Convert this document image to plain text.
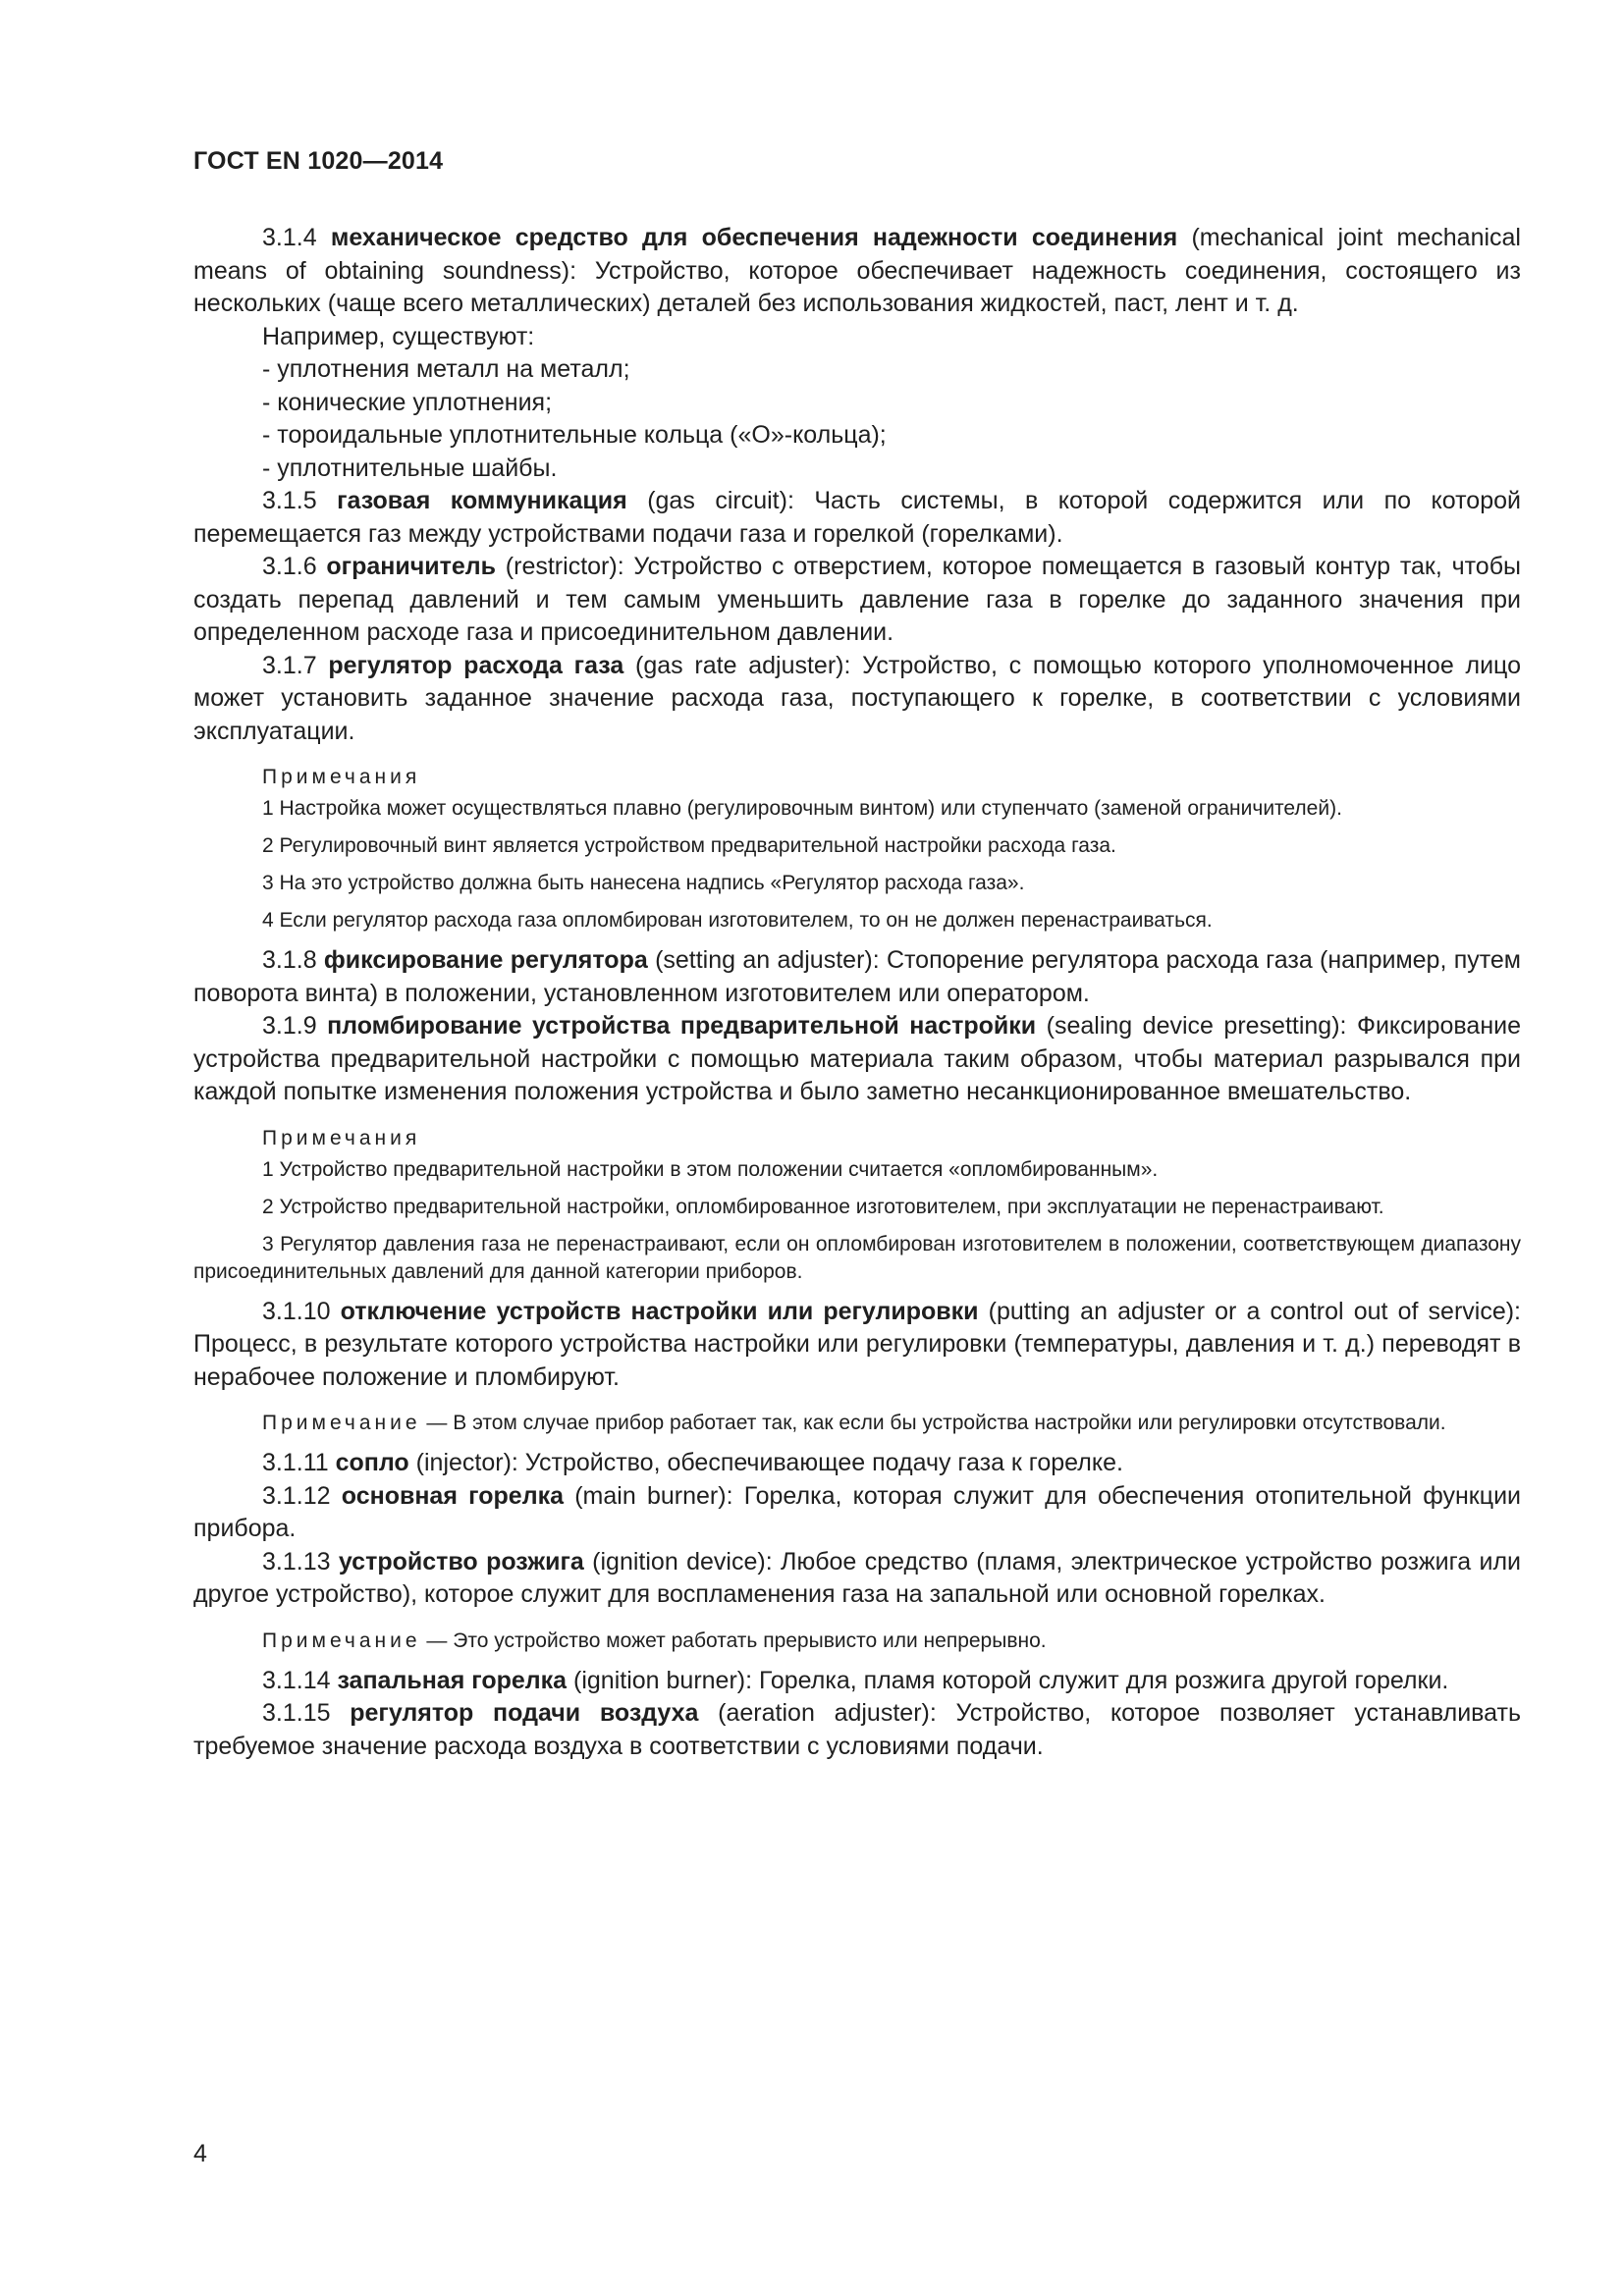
ГОСТ EN 1020—2014

3.1.4 механическое средство для обеспечения надежности соединения (mechanical joint mechanical means of obtaining soundness): Устройство, которое обеспечивает надежность соединения, состоящего из нескольких (чаще всего металлических) деталей без использования жидкостей, паст, лент и т. д.

Например, существуют:

- уплотнения металл на металл;

- конические уплотнения;

- тороидальные уплотнительные кольца («О»-кольца);

- уплотнительные шайбы.

3.1.5 газовая коммуникация (gas circuit): Часть системы, в которой содержится или по которой перемещается газ между устройствами подачи газа и горелкой (горелками).

3.1.6 ограничитель (restrictor): Устройство с отверстием, которое помещается в газовый контур так, чтобы создать перепад давлений и тем самым уменьшить давление газа в горелке до заданного значения при определенном расходе газа и присоединительном давлении.

3.1.7 регулятор расхода газа (gas rate adjuster): Устройство, с помощью которого уполномоченное лицо может установить заданное значение расхода газа, поступающего к горелке, в соответствии с условиями эксплуатации.

Примечания

1 Настройка может осуществляться плавно (регулировочным винтом) или ступенчато (заменой ограничителей).

2 Регулировочный винт является устройством предварительной настройки расхода газа.

3 На это устройство должна быть нанесена надпись «Регулятор расхода газа».

4 Если регулятор расхода газа опломбирован изготовителем, то он не должен перенастраиваться.

3.1.8 фиксирование регулятора (setting an adjuster): Стопорение регулятора расхода газа (например, путем поворота винта) в положении, установленном изготовителем или оператором.

3.1.9 пломбирование устройства предварительной настройки (sealing device presetting): Фиксирование устройства предварительной настройки с помощью материала таким образом, чтобы материал разрывался при каждой попытке изменения положения устройства и было заметно несанкционированное вмешательство.

Примечания

1 Устройство предварительной настройки в этом положении считается «опломбированным».

2 Устройство предварительной настройки, опломбированное изготовителем, при эксплуатации не перенастраивают.

3 Регулятор давления газа не перенастраивают, если он опломбирован изготовителем в положении, соответствующем диапазону присоединительных давлений для данной категории приборов.

3.1.10 отключение устройств настройки или регулировки (putting an adjuster or a control out of service): Процесс, в результате которого устройства настройки или регулировки (температуры, давления и т. д.) переводят в нерабочее положение и пломбируют.

Примечание — В этом случае прибор работает так, как если бы устройства настройки или регулировки отсутствовали.

3.1.11 сопло (injector): Устройство, обеспечивающее подачу газа к горелке.

3.1.12 основная горелка (main burner): Горелка, которая служит для обеспечения отопительной функции прибора.

3.1.13 устройство розжига (ignition device): Любое средство (пламя, электрическое устройство розжига или другое устройство), которое служит для воспламенения газа на запальной или основной горелках.

Примечание — Это устройство может работать прерывисто или непрерывно.

3.1.14 запальная горелка (ignition burner): Горелка, пламя которой служит для розжига другой горелки.

3.1.15 регулятор подачи воздуха (aeration adjuster): Устройство, которое позволяет устанавливать требуемое значение расхода воздуха в соответствии с условиями подачи.

4
